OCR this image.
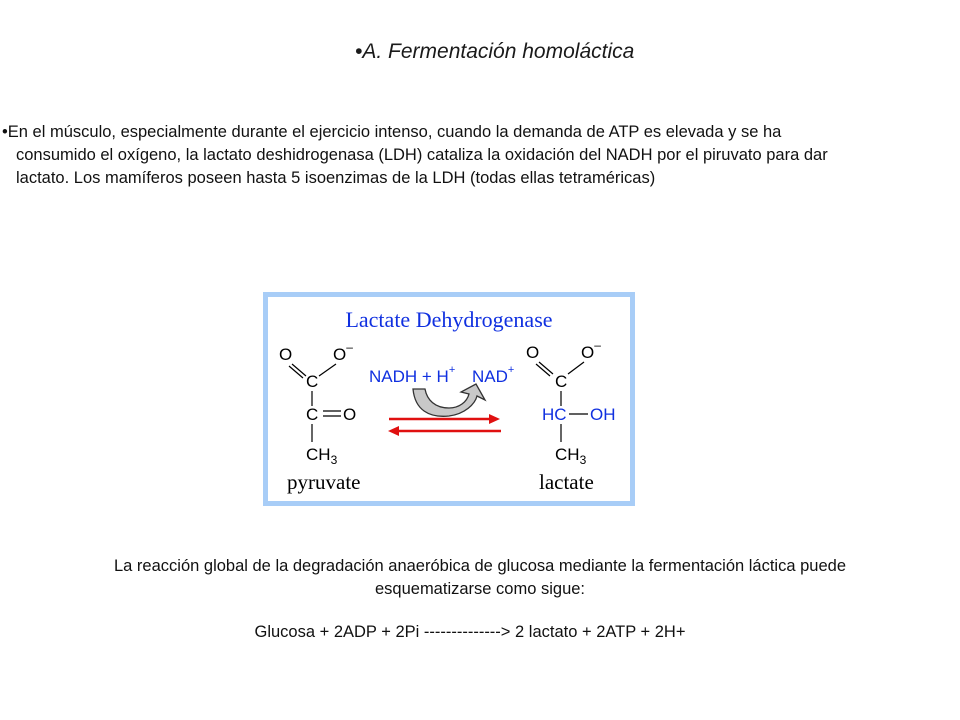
•A. Fermentación homoláctica
•En el músculo, especialmente durante el ejercicio intenso, cuando la demanda de ATP es elevada y se ha
consumido el oxígeno, la lactato deshidrogenasa (LDH) cataliza la oxidación del NADH por el piruvato para dar
lactato. Los mamíferos poseen hasta 5 isoenzimas de la LDH (todas ellas tetraméricas)
Lactate Dehydrogenase
O O–
C
C O
$CH_3$
NADH + H+ NAD+
O O–
C
HC OH
$CH_3$
pyruvate	lactate
La reacción global de la degradación anaeróbica de glucosa mediante la fermentación láctica puede
esquematizarse como sigue:
Glucosa + 2ADP + 2Pi --------------> 2 lactato + 2ATP + 2H+
